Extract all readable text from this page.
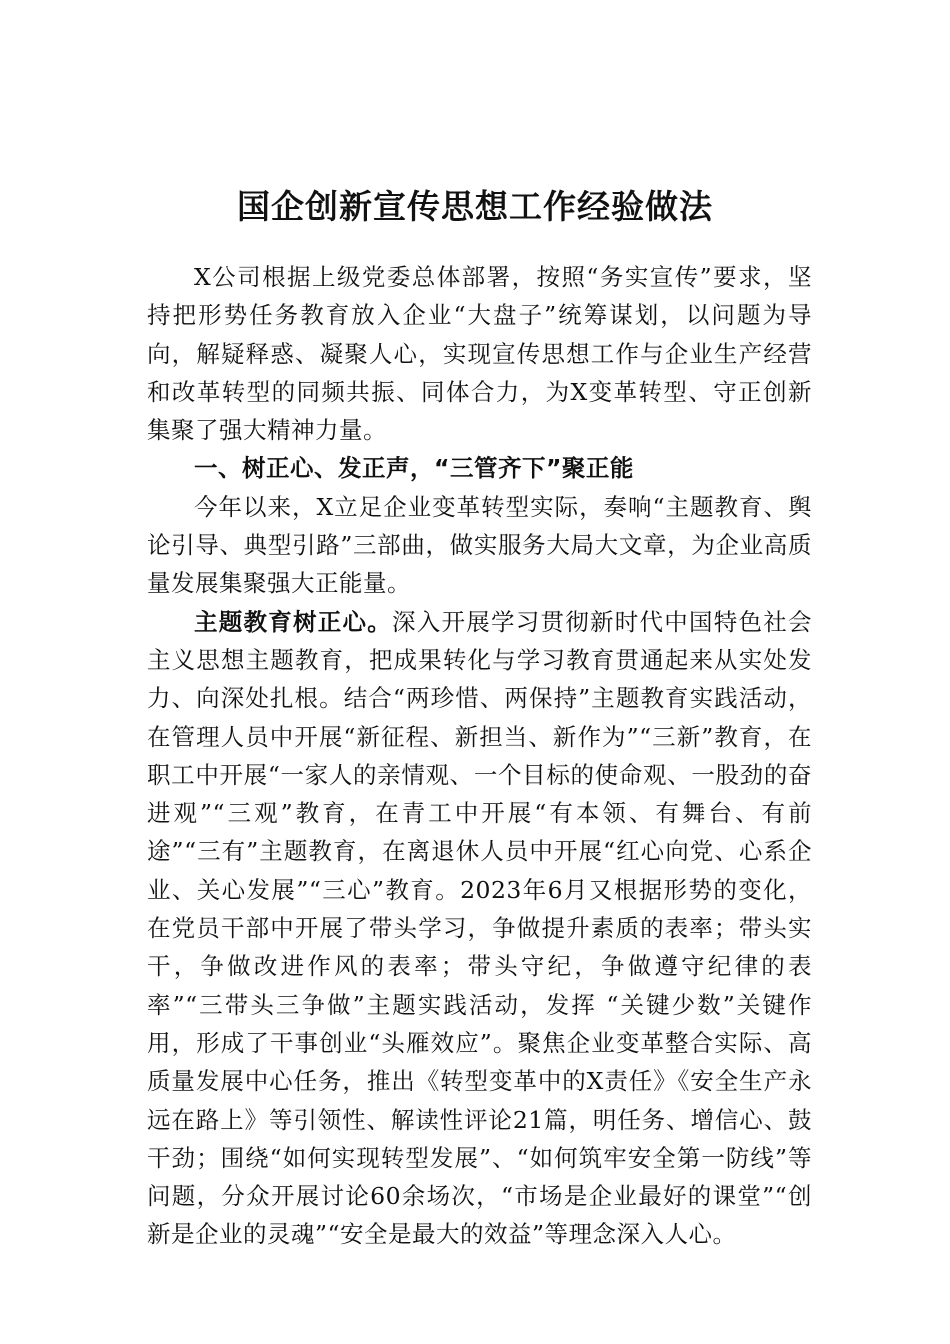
国企创新宣传思想工作经验做法

X公司根据上级党委总体部署，按照“务实宣传”要求，坚持把形势任务教育放入企业“大盘子”统筹谋划，以问题为导向，解疑释惑、凝聚人心，实现宣传思想工作与企业生产经营和改革转型的同频共振、同体合力，为X变革转型、守正创新集聚了强大精神力量。

一、树正心、发正声，“三管齐下”聚正能

今年以来，X立足企业变革转型实际，奏响“主题教育、舆论引导、典型引路”三部曲，做实服务大局大文章，为企业高质量发展集聚强大正能量。

主题教育树正心。深入开展学习贯彻新时代中国特色社会主义思想主题教育，把成果转化与学习教育贯通起来从实处发力、向深处扎根。结合“两珍惜、两保持”主题教育实践活动，在管理人员中开展“新征程、新担当、新作为”“三新”教育，在职工中开展“一家人的亲情观、一个目标的使命观、一股劲的奋进观”“三观”教育，在青工中开展“有本领、有舞台、有前途”“三有”主题教育，在离退休人员中开展“红心向党、心系企业、关心发展”“三心”教育。2023年6月又根据形势的变化，在党员干部中开展了带头学习，争做提升素质的表率；带头实干，争做改进作风的表率；带头守纪，争做遵守纪律的表率”“三带头三争做”主题实践活动，发挥 “关键少数”关键作用，形成了干事创业“头雁效应”。聚焦企业变革整合实际、高质量发展中心任务，推出《转型变革中的X责任》《安全生产永远在路上》等引领性、解读性评论21篇，明任务、增信心、鼓干劲；围绕“如何实现转型发展”、“如何筑牢安全第一防线”等问题，分众开展讨论60余场次，“市场是企业最好的课堂”“创新是企业的灵魂”“安全是最大的效益”等理念深入人心。
